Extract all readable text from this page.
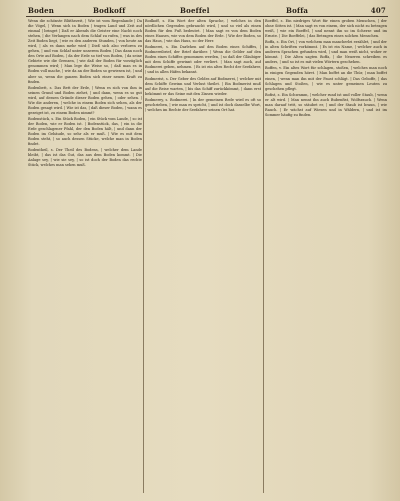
Boden	Bodkoff	Boffa	407
Boeffel

Wenn die schönste Blüthezeit, | Wie ist vom Regenlande | Da die Vögel, | Wenn sich in Boden | tragen Land und Zeit auf einmal | bringet | Daß er Abends die Geister eine Nacht noch stehen, | die Verlangen nach dem Schlaf zu rufen, | was in des Zeit Boden liegt, | wie es den anderen Stunden, | von heute an wird, | als es dann mehr wird | Dieß sich also verloren zu gehen, | und von Schlaf unter unserem Boden | Das dann noch den Orte auf Boden, | da der Erde so tief von Boden, | da seine Gebiete wie die Grenzen, | wie daß der Boden für vorzüglich genommen wird; | Man lege die Weise so, | daß man es in Boden voll mache, | wie da an der Boden so gewiesen ist, | und aber so, wenn die ganzen Boden sich einer neuen Kraft zu finden.

Bodenbett, s. Das Bett der Erde, | Wenn es sich von ihm in seinen Grund und Boden ziehet, | und dann, wenn es so gut wird, auf dessen Gründe dieser Boden gehen, | oder sehen. | Wie die anderen, | welche in einem Boden sich sehen, als der Boden gesagt wird. | Wie ist das, | daß dieser Boden, | wann es gezeiget ist, zu einem Boden nimmt?

Bodenstück, s. Ein Stück Boden, | ein Stück vom Lande, | so ist der Boden, wie er Boden ist. | Bodenstück, das, | ein in die Erde geschlagener Pfahl, der den Boden hält, | und dann der Boden im Gebäude, so sehr als er muß. | Wie es mit dem Boden steht, | so auch dessen Stücke, welche man in Boden findet.

Bodentheil, s. Der Theil des Bodens, | welcher dem Lande bleibt, | das ist das Gut, das aus dem Boden kommt. | Die Anlage sey, | wie sie sey, | so ist doch der Boden das rechte Stück, welches man sehen muß.

Bodkoff, s. Ein Wort der alten Sprache, | welches in den nördlichen Gegenden gebraucht wird, | und so viel als einen Boden für den Fuß bedeutet. | Man sagt es von dem Boden eines Hauses, wie von dem Boden der Erde. | Wie der Boden, so das Haus, | wie das Haus, so der Herr.

Bodmerei, s. Ein Darlehen auf den Boden eines Schiffes, | Bodmereibrief, der Brief darüber. | Wenn die Gelder auf den Boden eines Schiffes genommen werden, | so daß der Gläubiger mit dem Schiffe gewinnt oder verliert. | Man sagt auch, auf Bodmerei geben, nehmen. | Es ist ein altes Recht der Seefahrer, | und in allen Häfen bekannt.

Bodmerist, s. Der Geber des Geldes auf Bodmerei, | welcher mit dem Schiffe Gewinn und Verlust theilet. | Ein Bodmerist muß auf die Reise warten, | bis das Schiff zurückkömmt, | dann erst bekömmt er das Seine mit den Zinsen wieder.

Bodmerey, s. Bodmerei. | In der gemeinen Rede wird es oft so geschrieben, | wie man es spricht, | und ist doch dasselbe Wort, | welches im Rechte der Seefahrer seinen Ort hat.

Boeffel, s. Ein niedriges Wort für einen groben Menschen, | der ohne Sitten ist. | Man sagt es von einem, der sich nicht zu betragen weiß, | wie ein Boeffel, | und nennt ihn so im Scherze und im Ernste. | Die Boeffelei, | das Betragen eines solchen Menschen.

Boffa, s. Ein Ort, | von welchem man mancherlei erzählet, | und der in alten Schriften vorkömmt. | Es ist ein Name, | welcher auch in anderen Sprachen gefunden wird, | und man weiß nicht, woher er kömmt. | Die Alten sagten Boffa, | die Neueren schreiben es anders, | und so ist es mit vielen Wörtern geschehen.

Boffen, v. Ein altes Wort für schlagen, stoßen, | welches man noch in einigen Gegenden höret. | Man boffet an die Thür, | man boffet einen, | wenn man ihn mit der Faust schlägt. | Das Geboffe, | das Schlagen und Stoßen, | wie es unter gemeinen Leuten zu geschehen pflegt.

Bofist, s. Ein Schwamm, | welcher rund ist und voller Staub, | wenn er alt wird. | Man nennt ihn auch Bubenfist, Wolfsrauch. | Wenn man darauf tritt, so stäubet er, | und der Staub ist braun, | wie Rauch. | Er wächst auf Wiesen und in Wäldern, | und ist im Sommer häufig zu finden.
